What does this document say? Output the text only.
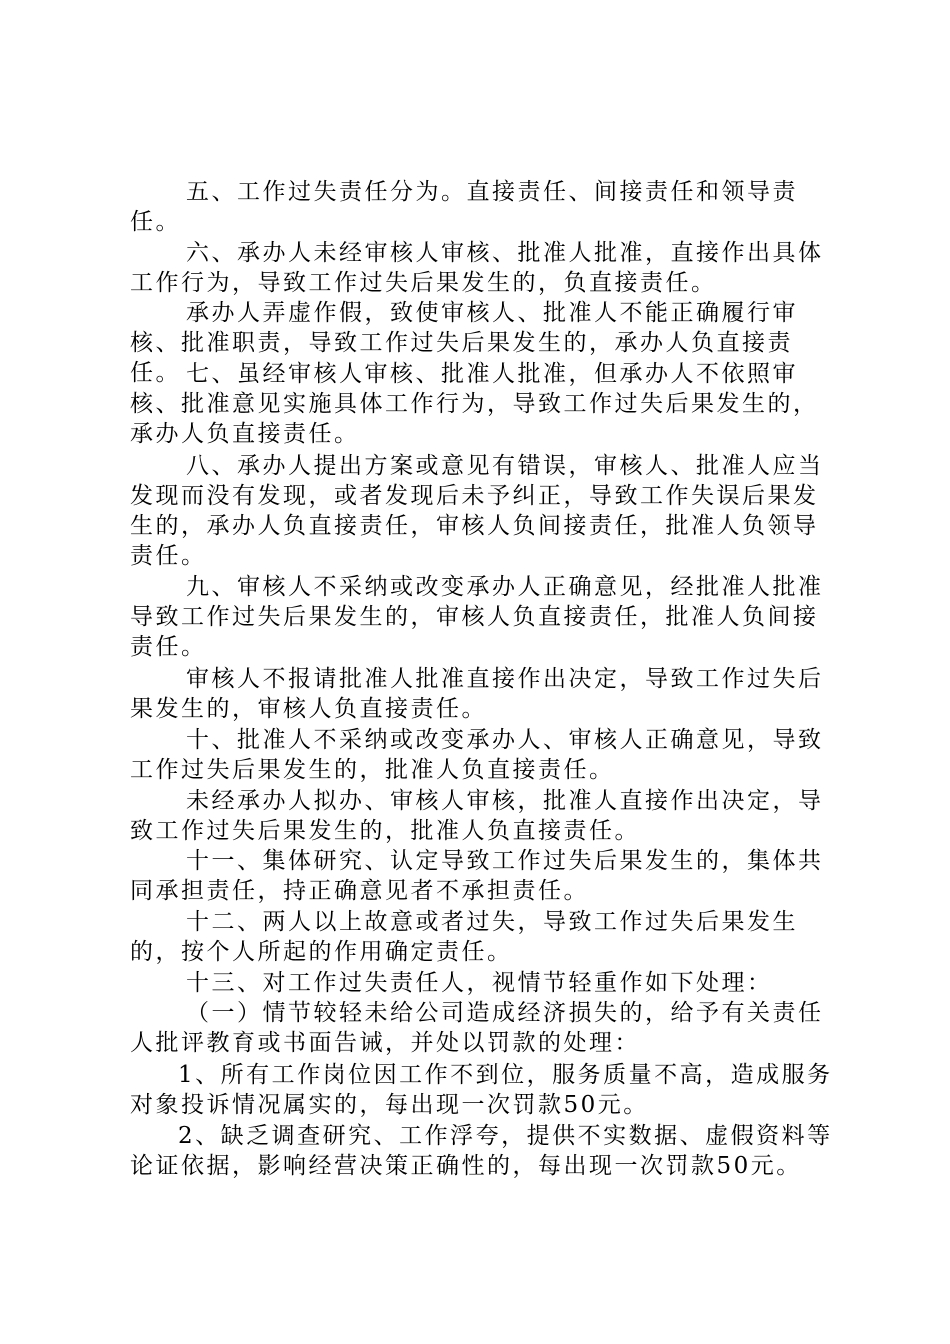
五、工作过失责任分为。直接责任、间接责任和领导责任。

六、承办人未经审核人审核、批准人批准，直接作出具体工作行为，导致工作过失后果发生的，负直接责任。

承办人弄虚作假，致使审核人、批准人不能正确履行审核、批准职责，导致工作过失后果发生的，承办人负直接责任。 七、虽经审核人审核、批准人批准，但承办人不依照审核、批准意见实施具体工作行为，导致工作过失后果发生的，承办人负直接责任。

八、承办人提出方案或意见有错误，审核人、批准人应当发现而没有发现，或者发现后未予纠正，导致工作失误后果发生的，承办人负直接责任，审核人负间接责任，批准人负领导责任。

九、审核人不采纳或改变承办人正确意见，经批准人批准导致工作过失后果发生的，审核人负直接责任，批准人负间接责任。

审核人不报请批准人批准直接作出决定，导致工作过失后果发生的，审核人负直接责任。

十、批准人不采纳或改变承办人、审核人正确意见，导致工作过失后果发生的，批准人负直接责任。

未经承办人拟办、审核人审核，批准人直接作出决定，导致工作过失后果发生的，批准人负直接责任。

十一、集体研究、认定导致工作过失后果发生的，集体共同承担责任，持正确意见者不承担责任。

十二、两人以上故意或者过失，导致工作过失后果发生的，按个人所起的作用确定责任。

十三、对工作过失责任人，视情节轻重作如下处理：

（一）情节较轻未给公司造成经济损失的，给予有关责任人批评教育或书面告诫，并处以罚款的处理：

1、所有工作岗位因工作不到位，服务质量不高，造成服务对象投诉情况属实的，每出现一次罚款50元。

2、缺乏调查研究、工作浮夸，提供不实数据、虚假资料等论证依据，影响经营决策正确性的，每出现一次罚款50元。
